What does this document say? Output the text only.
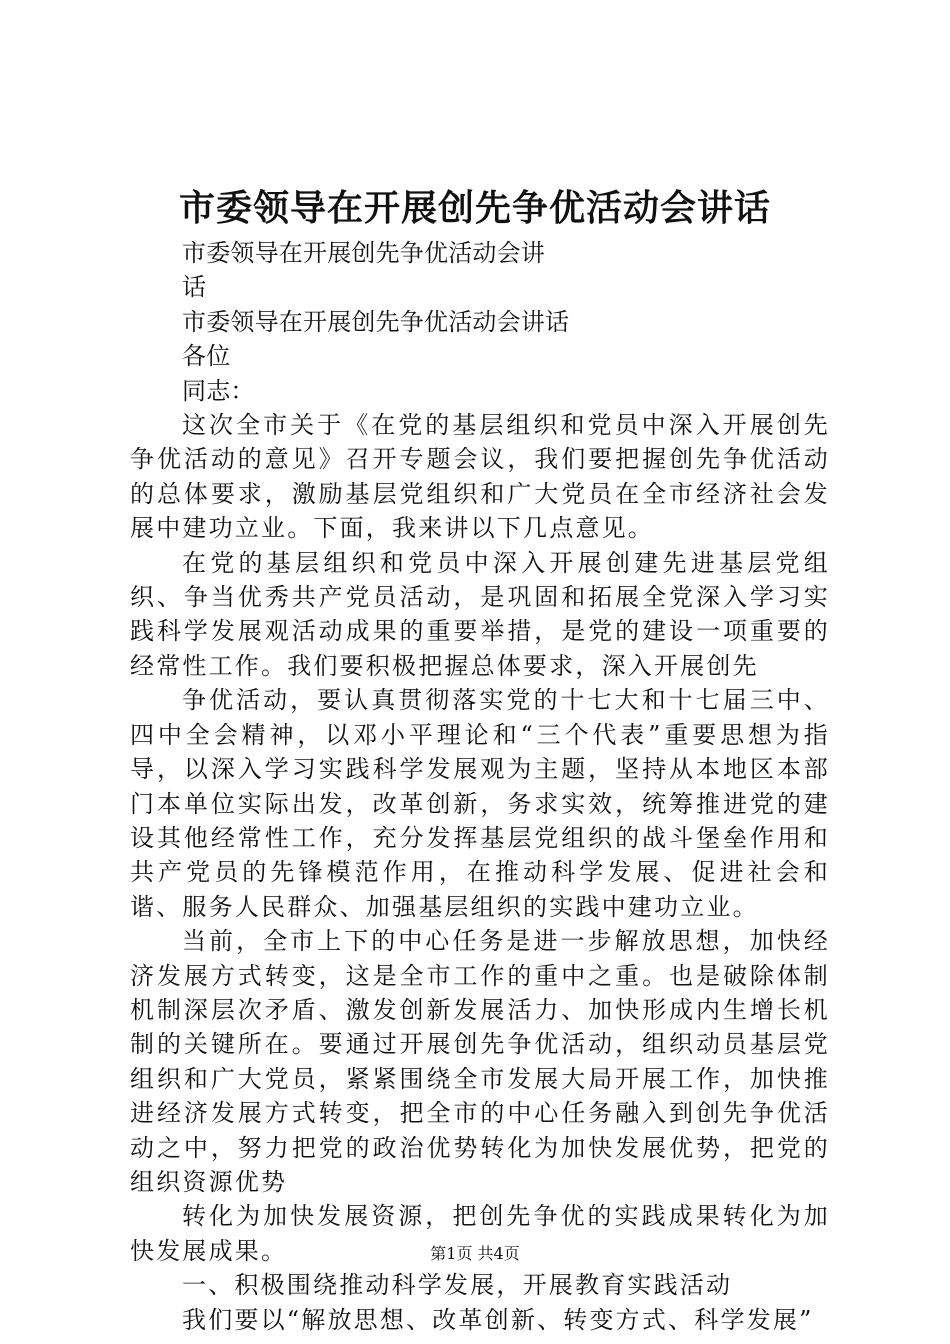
市委领导在开展创先争优活动会讲话
市委领导在开展创先争优活动会讲
话
市委领导在开展创先争优活动会讲话
各位
同志：
这次全市关于《在党的基层组织和党员中深入开展创先争优活动的意见》召开专题会议，我们要把握创先争优活动的总体要求，激励基层党组织和广大党员在全市经济社会发展中建功立业。下面，我来讲以下几点意见。
在党的基层组织和党员中深入开展创建先进基层党组织、争当优秀共产党员活动，是巩固和拓展全党深入学习实践科学发展观活动成果的重要举措，是党的建设一项重要的经常性工作。我们要积极把握总体要求，深入开展创先
争优活动，要认真贯彻落实党的十七大和十七届三中、四中全会精神，以邓小平理论和“三个代表”重要思想为指导，以深入学习实践科学发展观为主题，坚持从本地区本部门本单位实际出发，改革创新，务求实效，统筹推进党的建设其他经常性工作，充分发挥基层党组织的战斗堡垒作用和共产党员的先锋模范作用，在推动科学发展、促进社会和谐、服务人民群众、加强基层组织的实践中建功立业。
当前，全市上下的中心任务是进一步解放思想，加快经济发展方式转变，这是全市工作的重中之重。也是破除体制机制深层次矛盾、激发创新发展活力、加快形成内生增长机制的关键所在。要通过开展创先争优活动，组织动员基层党组织和广大党员，紧紧围绕全市发展大局开展工作，加快推进经济发展方式转变，把全市的中心任务融入到创先争优活动之中，努力把党的政治优势转化为加快发展优势，把党的组织资源优势
转化为加快发展资源，把创先争优的实践成果转化为加快发展成果。
一、积极围绕推动科学发展，开展教育实践活动
我们要以“解放思想、改革创新、转变方式、科学发展”
第1页 共4页
